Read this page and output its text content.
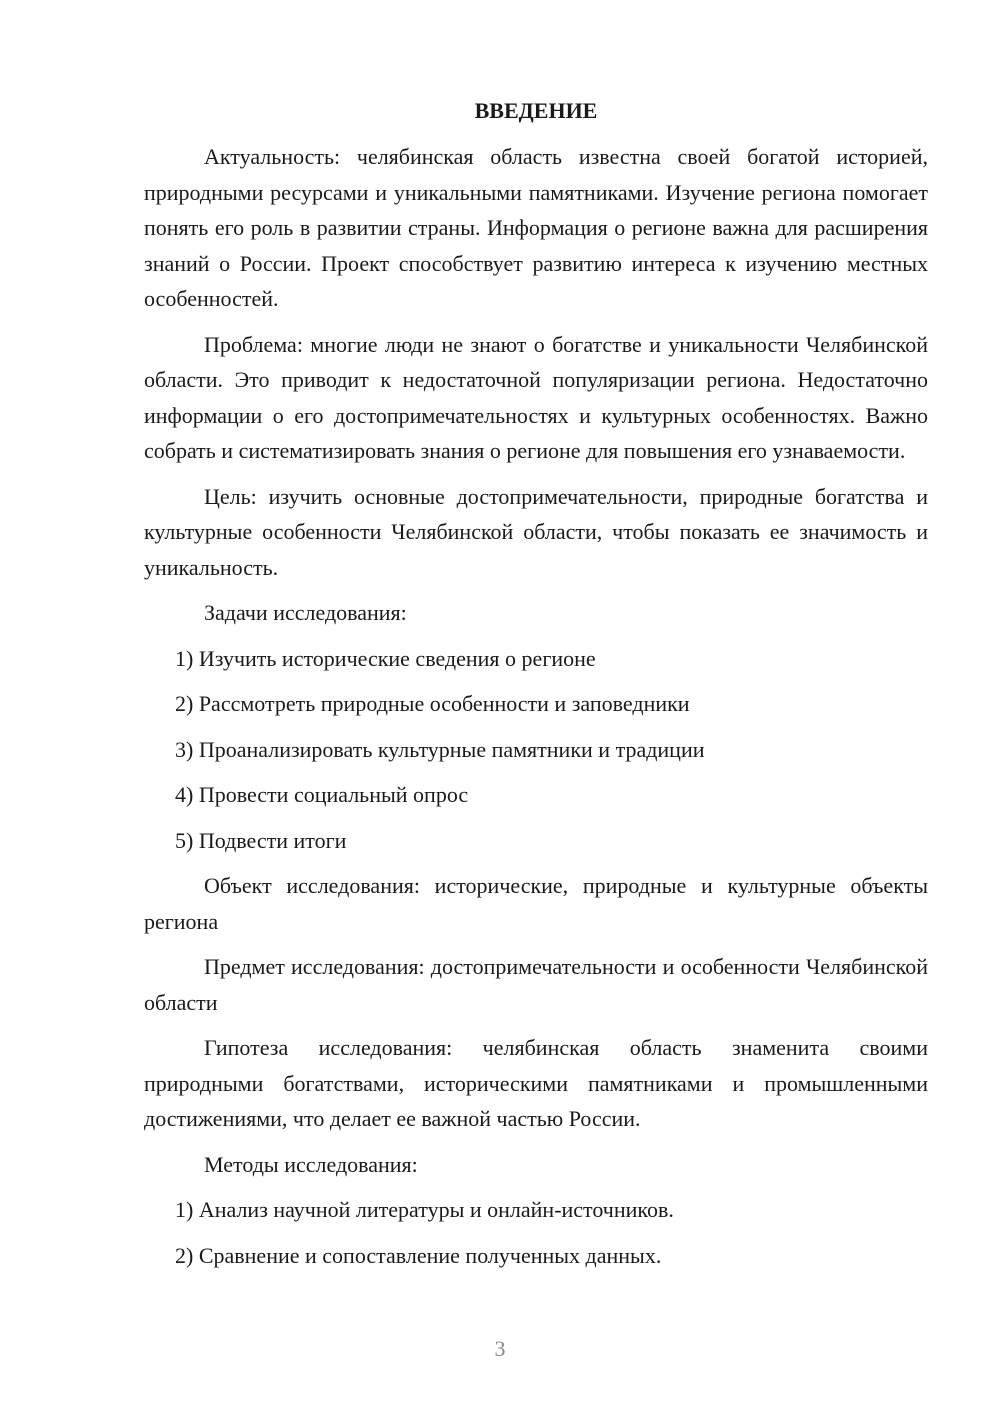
ВВЕДЕНИЕ

Актуальность: челябинская область известна своей богатой историей, природными ресурсами и уникальными памятниками. Изучение региона помогает понять его роль в развитии страны. Информация о регионе важна для расширения знаний о России. Проект способствует развитию интереса к изучению местных особенностей.

Проблема: многие люди не знают о богатстве и уникальности Челябинской области. Это приводит к недостаточной популяризации региона. Недостаточно информации о его достопримечательностях и культурных особенностях. Важно собрать и систематизировать знания о регионе для повышения его узнаваемости.

Цель: изучить основные достопримечательности, природные богатства и культурные особенности Челябинской области, чтобы показать ее значимость и уникальность.

Задачи исследования:

1) Изучить исторические сведения о регионе
2) Рассмотреть природные особенности и заповедники
3) Проанализировать культурные памятники и традиции
4) Провести социальный опрос
5) Подвести итоги

Объект исследования: исторические, природные и культурные объекты региона

Предмет исследования: достопримечательности и особенности Челябинской области

Гипотеза исследования: челябинская область знаменита своими природными богатствами, историческими памятниками и промышленными достижениями, что делает ее важной частью России.

Методы исследования:

1) Анализ научной литературы и онлайн-источников.
2) Сравнение и сопоставление полученных данных.
3
